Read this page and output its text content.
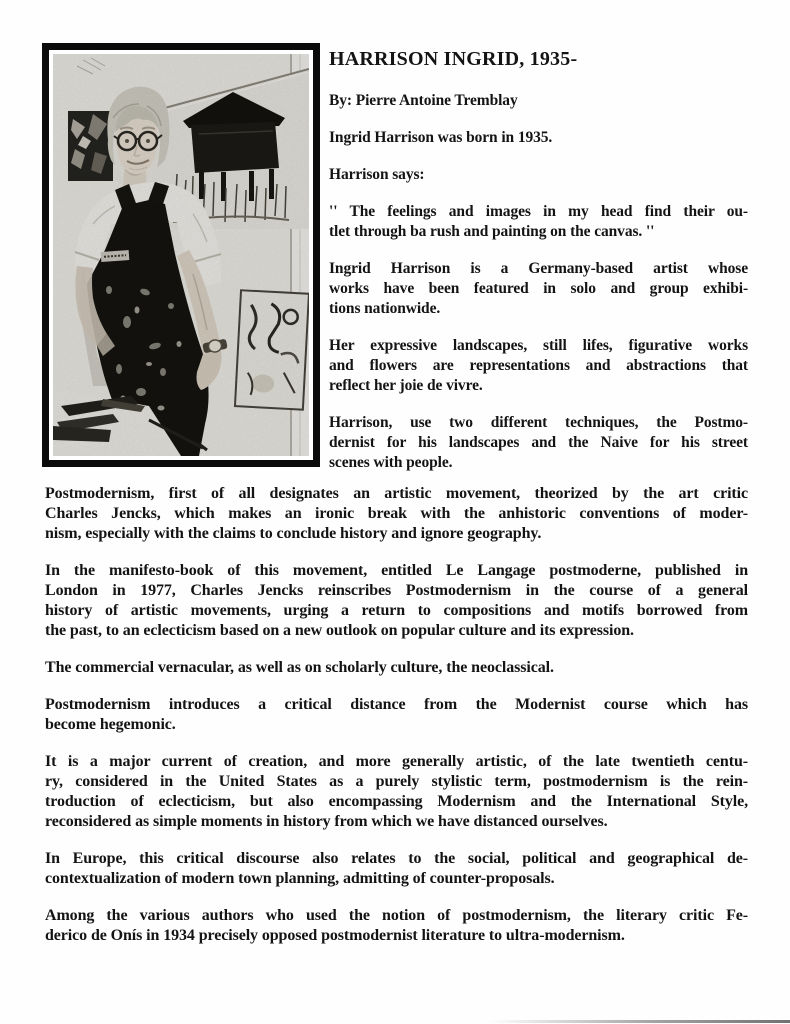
HARRISON INGRID, 1935-
By: Pierre Antoine Tremblay
Ingrid Harrison was born in 1935.
Harrison says:
'' The feelings and images in my head find their ou-
tlet through ba rush and painting on the canvas. ''
Ingrid Harrison is a Germany-based artist whose
works have been featured in solo and group exhibi-
tions nationwide.
Her expressive landscapes, still lifes, figurative works
and flowers are representations and abstractions that
reflect her joie de vivre.
Harrison, use two different techniques, the Postmo-
dernist for his landscapes and the Naive for his street
scenes with people.
Postmodernism, first of all designates an artistic movement, theorized by the art critic
Charles Jencks, which makes an ironic break with the anhistoric conventions of moder-
nism, especially with the claims to conclude history and ignore geography.
In the manifesto-book of this movement, entitled Le Langage postmoderne, published in
London in 1977, Charles Jencks reinscribes Postmodernism in the course of a general
history of artistic movements, urging a return to compositions and motifs borrowed from
the past, to an eclecticism based on a new outlook on popular culture and its expression.
The commercial vernacular, as well as on scholarly culture, the neoclassical.
Postmodernism introduces a critical distance from the Modernist course which has
become hegemonic.
It is a major current of creation, and more generally artistic, of the late twentieth centu-
ry, considered in the United States as a purely stylistic term, postmodernism is the rein-
troduction of eclecticism, but also encompassing Modernism and the International Style,
reconsidered as simple moments in history from which we have distanced ourselves.
In Europe, this critical discourse also relates to the social, political and geographical de-
contextualization of modern town planning, admitting of counter-proposals.
Among the various authors who used the notion of postmodernism, the literary critic Fe-
derico de Onís in 1934 precisely opposed postmodernist literature to ultra-modernism.
